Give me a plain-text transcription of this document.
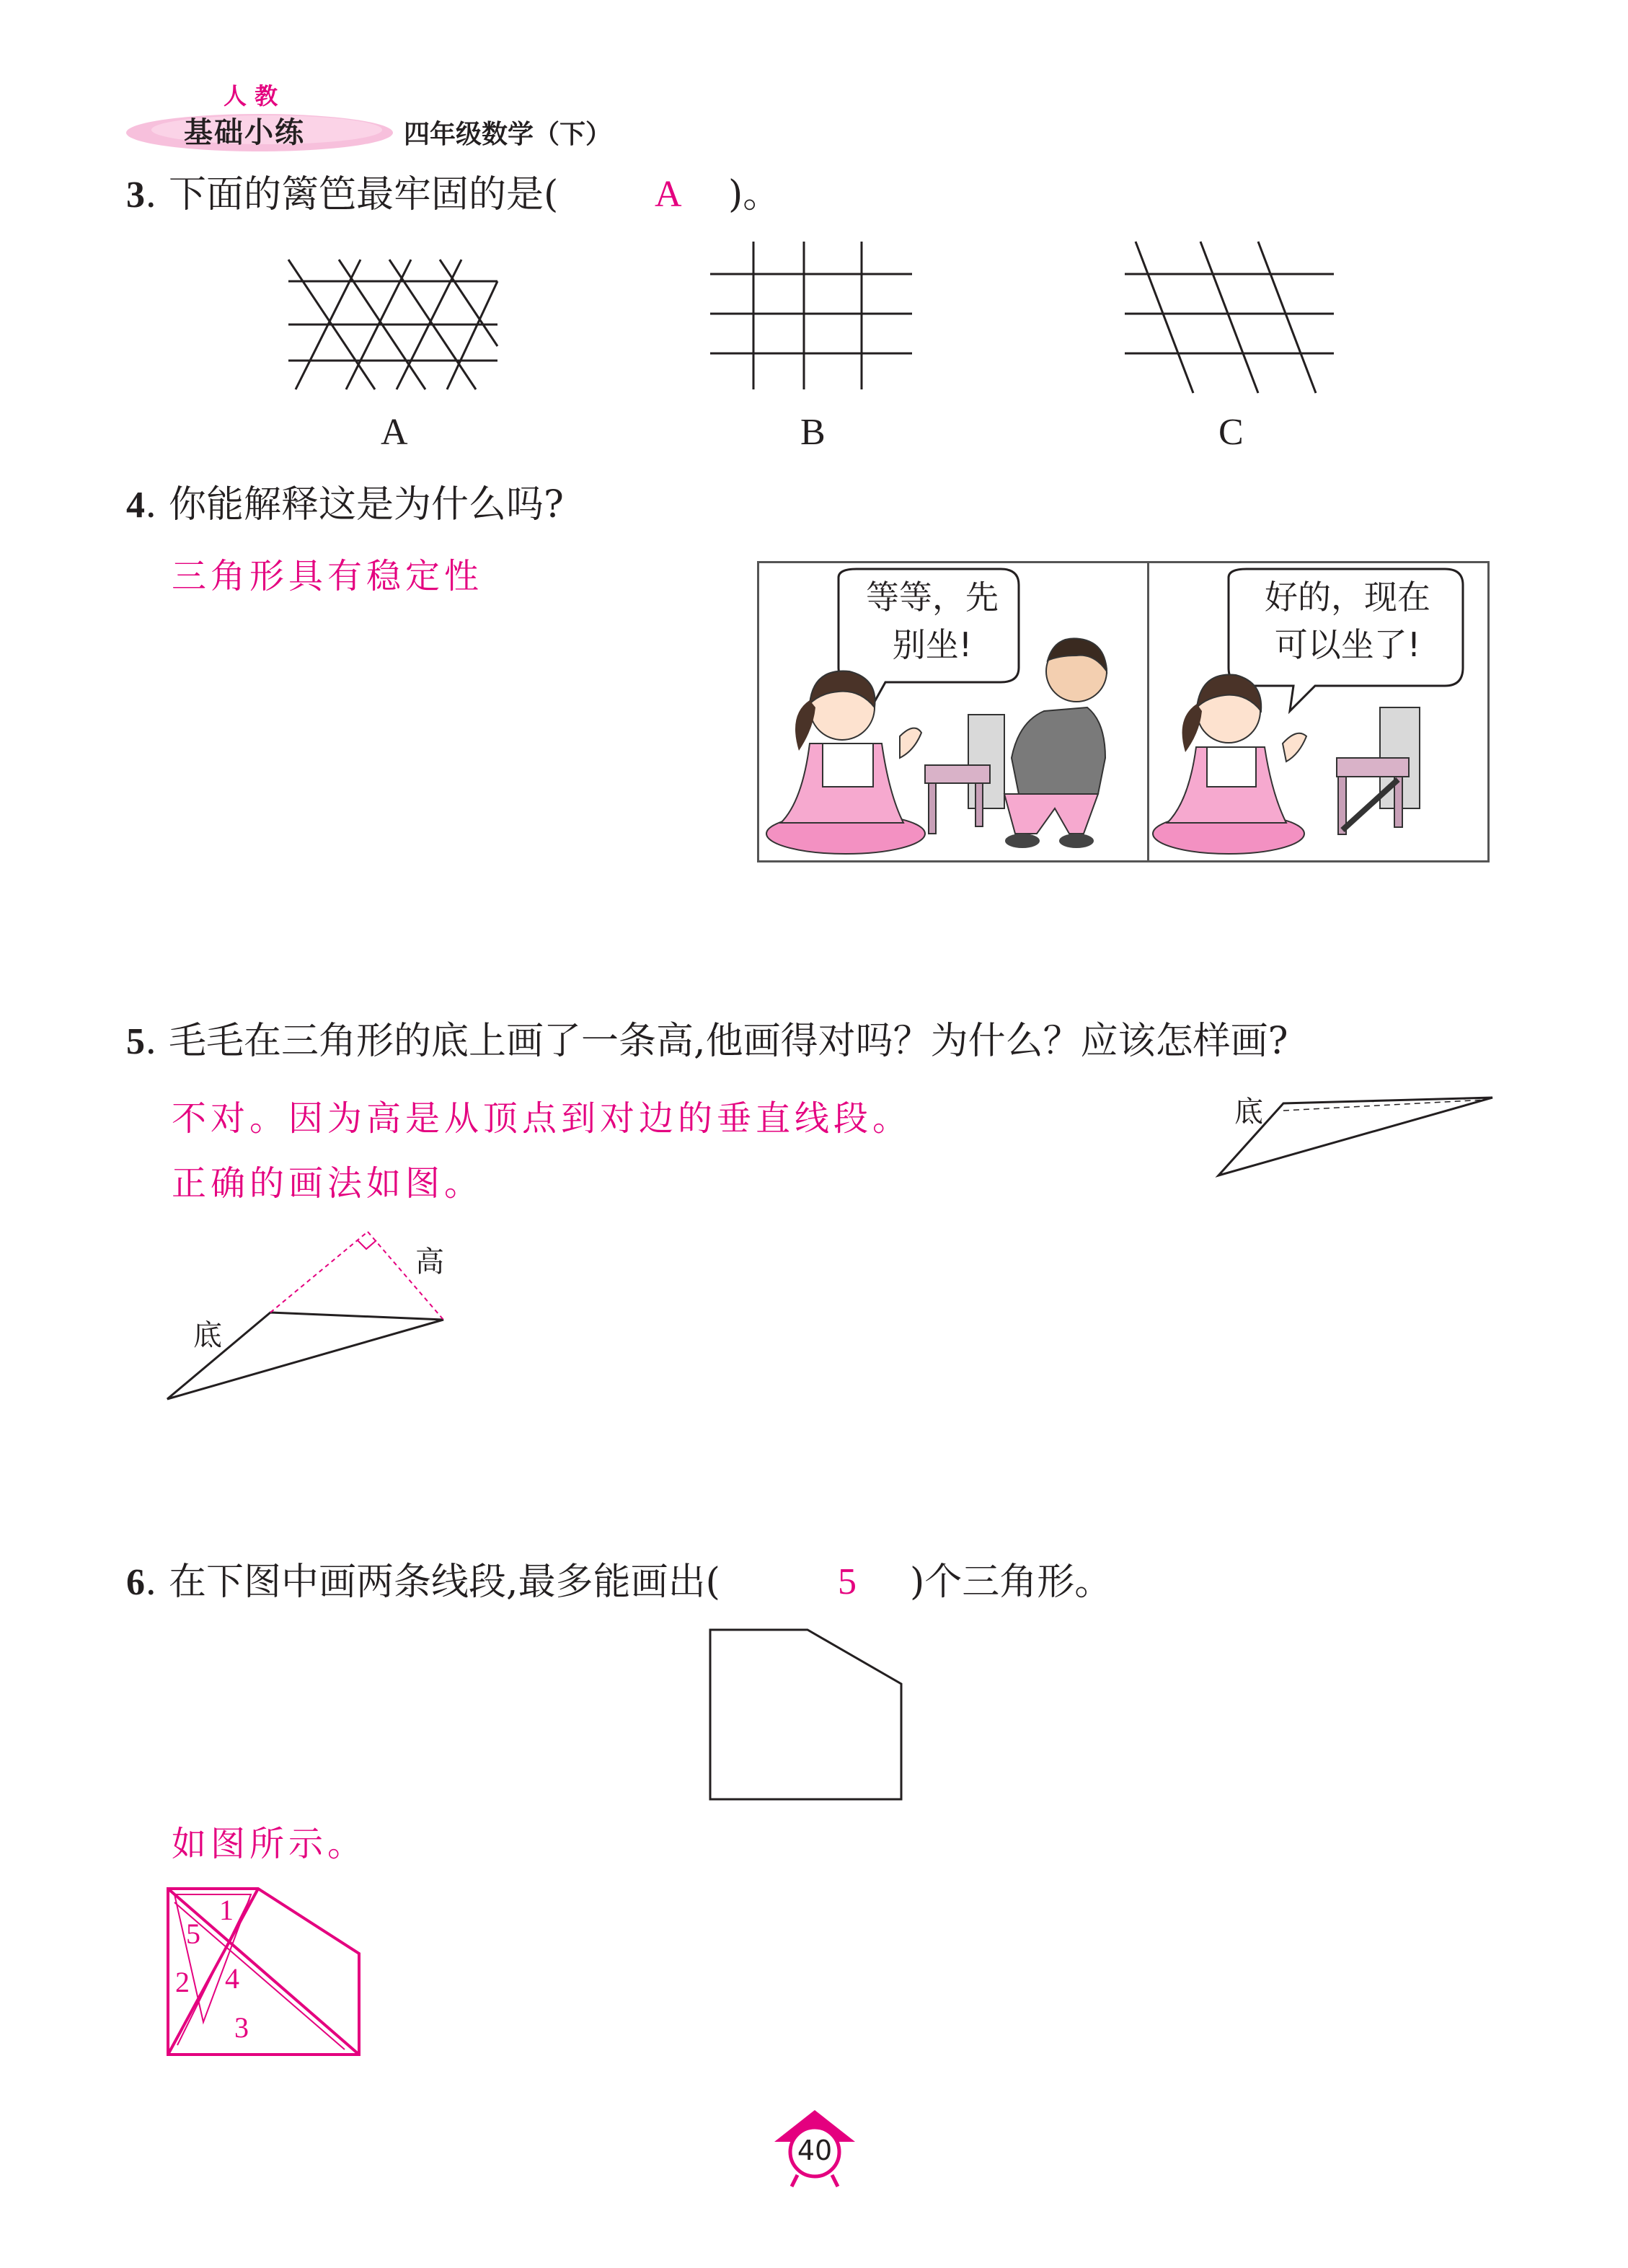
人 教
基础小练	四年级数学（下）
3. 下面的篱笆最牢固的是(	A )。
A	B	C
4. 你能解释这是为什么吗?
三角形具有稳定性
等等，先
别坐!
好的，现在
可以坐了!
5. 毛毛在三角形的底上画了一条高,他画得对吗？为什么？应该怎样画?
不对。因为高是从顶点到对边的垂直线段。
正确的画法如图。
底
底
高
6. 在下图中画两条线段,最多能画出(	5 )个三角形。
如图所示。
1
5
2 4
3
40
